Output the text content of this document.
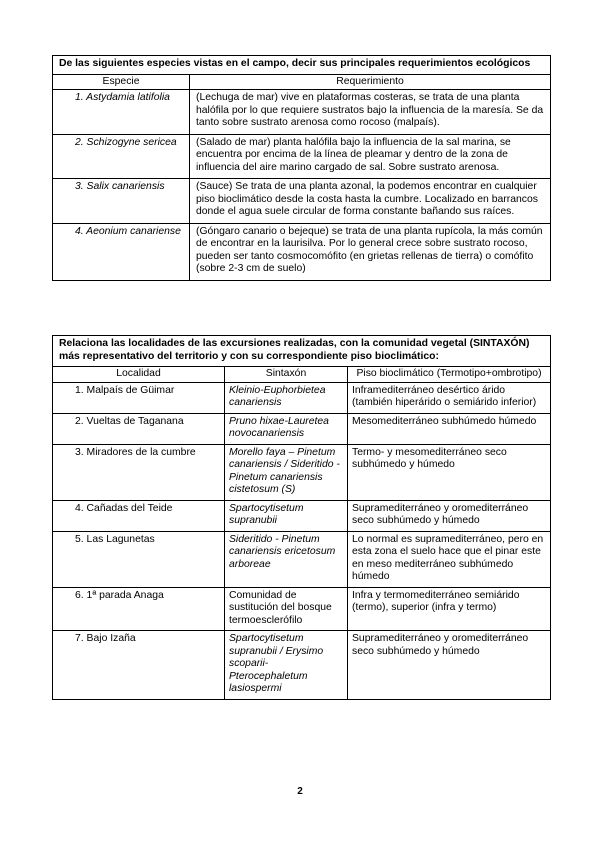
De las siguientes especies vistas en el campo, decir sus principales requerimientos ecológicos	
Especie	Requerimiento
1. Astydamia latifolia	(Lechuga de mar) vive en plataformas costeras, se trata de una planta halófila por lo que requiere sustratos bajo la influencia de la maresía. Se da tanto sobre sustrato arenosa como rocoso (malpaís).
2. Schizogyne sericea	(Salado de mar) planta halófila bajo la influencia de la sal marina, se encuentra por encima de la línea de pleamar y dentro de la zona de influencia del aire marino cargado de sal. Sobre sustrato arenosa.
3. Salix canariensis	(Sauce) Se trata de una planta azonal, la podemos encontrar en cualquier piso bioclimático desde la costa hasta la cumbre. Localizado en barrancos donde el agua suele circular de forma constante bañando sus raíces.
4. Aeonium canariense	(Góngaro canario o bejeque) se trata de una planta rupícola, la más común de encontrar en la laurisilva. Por lo general crece sobre sustrato rocoso, pueden ser tanto cosmocomófito (en grietas rellenas de tierra) o comófito (sobre 2-3 cm de suelo)
Relaciona las localidades de las excursiones realizadas, con la comunidad vegetal (SINTAXÓN) más representativo del territorio y con su correspondiente piso bioclimático:		
Localidad	Sintaxón	Piso bioclimático (Termotipo+ombrotipo)
1. Malpaís de Güimar	Kleinio-Euphorbietea canariensis	Inframediterráneo desértico árido (también hiperárido o semiárido inferior)
2. Vueltas de Taganana	Pruno hixae-Lauretea novocanariensis	Mesomediterráneo subhúmedo húmedo
3. Miradores de la cumbre	Morello faya – Pinetum canariensis / Sideritido - Pinetum canariensis cistetosum (S)	Termo- y mesomediterráneo seco subhúmedo y húmedo
4. Cañadas del Teide	Spartocytisetum supranubii	Supramediterráneo y oromediterráneo seco subhúmedo y húmedo
5. Las Lagunetas	Sideritido - Pinetum canariensis ericetosum arboreae	Lo normal es supramediterráneo, pero en esta zona el suelo hace que el pinar este en meso mediterráneo subhúmedo húmedo
6. 1ª parada Anaga	Comunidad de sustitución del bosque termoesclerófilo	Infra y termomediterráneo semiárido (termo), superior (infra y termo)
7. Bajo Izaña	Spartocytisetum supranubii / Erysimo scoparii-Pterocephaletum lasiospermi	Supramediterráneo y oromediterráneo seco subhúmedo y húmedo
2
